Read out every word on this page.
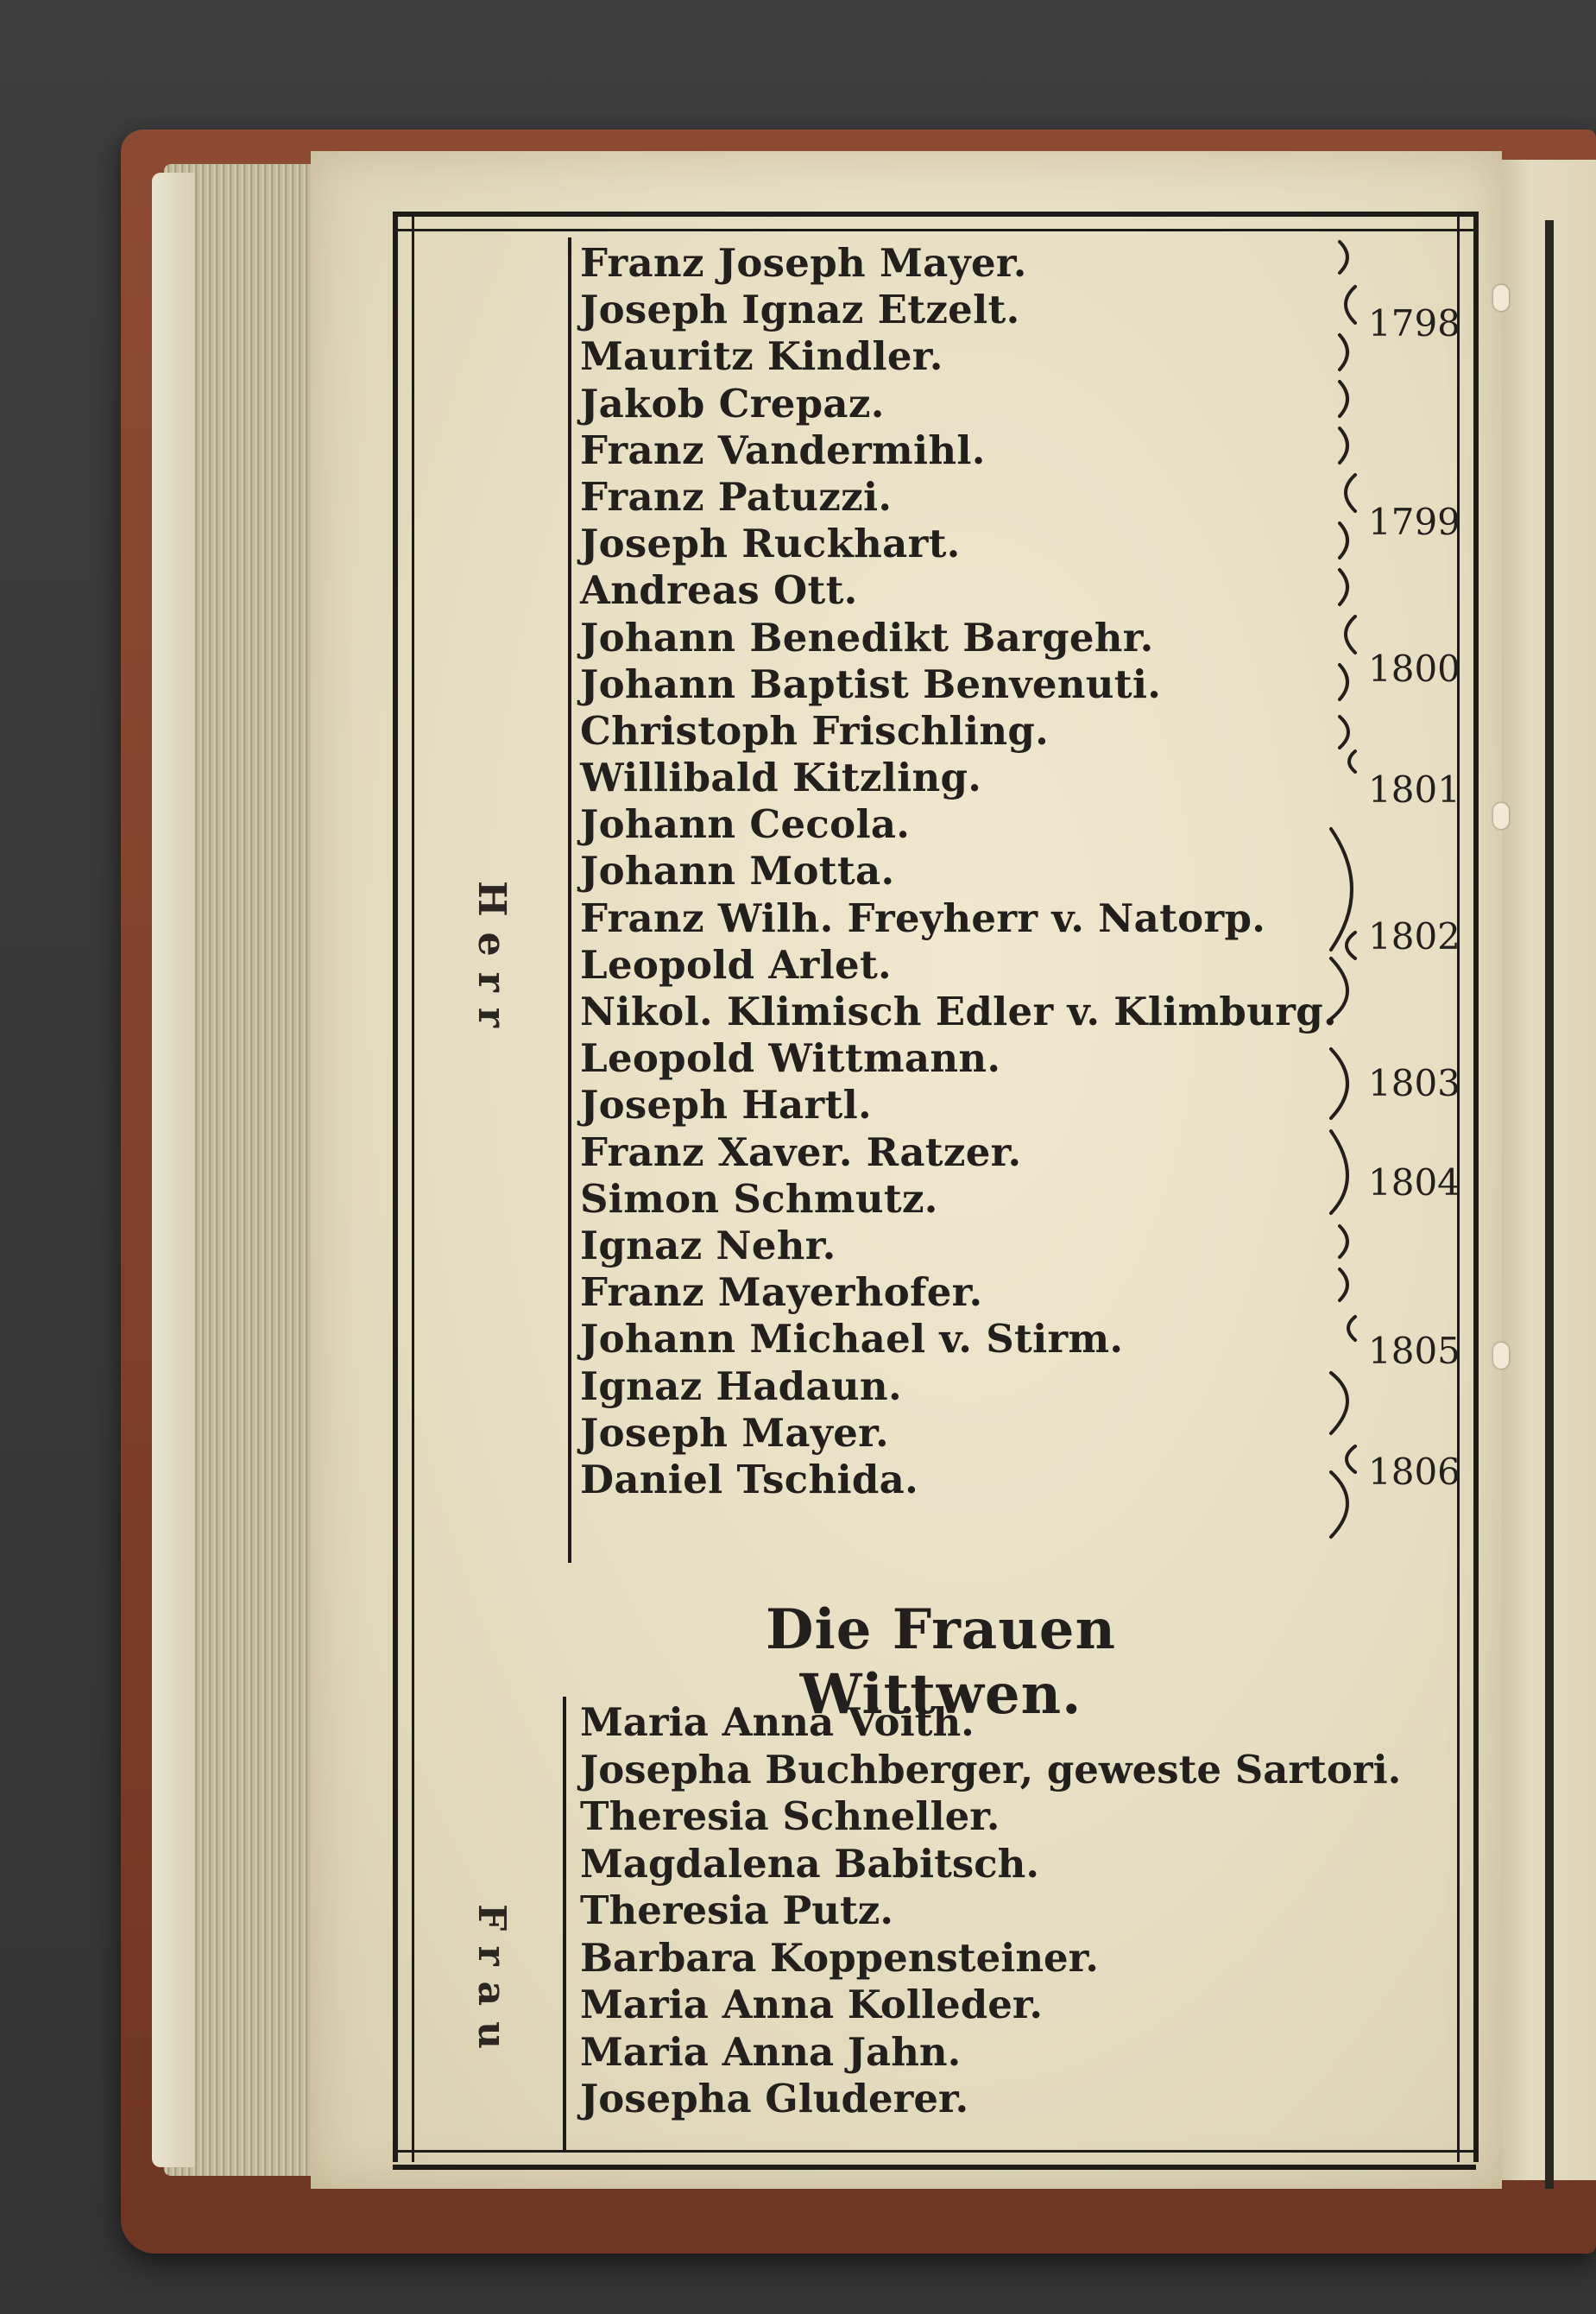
Franz Joseph Mayer.
Joseph Ignaz Etzelt.
Mauritz Kindler.
Jakob Crepaz.
Franz Vandermihl.
Franz Patuzzi.
Joseph Ruckhart.
Andreas Ott.
Johann Benedikt Bargehr.
Johann Baptist Benvenuti.
Christoph Frischling.
Willibald Kitzling.
Johann Cecola.
Johann Motta.
Franz Wilh. Freyherr v. Natorp.
Leopold Arlet.
Nikol. Klimisch Edler v. Klimburg.
Leopold Wittmann.
Joseph Hartl.
Franz Xaver. Ratzer.
Simon Schmutz.
Ignaz Nehr.
Franz Mayerhofer.
Johann Michael v. Stirm.
Ignaz Hadaun.
Joseph Mayer.
Daniel Tschida.
1798
1799
1800
1801
1802
1803
1804
1805
1806
Die Frauen Wittwen.
Maria Anna Voith.
Josepha Buchberger, geweste Sartori.
Theresia Schneller.
Magdalena Babitsch.
Theresia Putz.
Barbara Koppensteiner.
Maria Anna Kolleder.
Maria Anna Jahn.
Josepha Gluderer.
